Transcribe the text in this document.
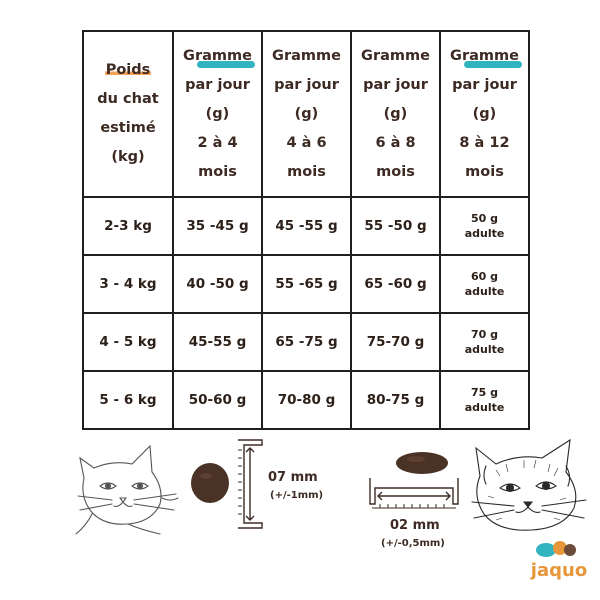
Poids
du chat
estimé
(kg)	Gramme
par jour
(g)
2 à 4
mois	Gramme
par jour
(g)
4 à 6
mois	Gramme
par jour
(g)
6 à 8
mois	Gramme
par jour
(g)
8 à 12
mois

2-3 kg	35 -45 g	45 -55 g	55 -50 g	50 g
adulte

3 - 4 kg	40 -50 g	55 -65 g	65 -60 g	60 g
adulte

4 - 5 kg	45-55 g	65 -75 g	75-70 g	70 g
adulte

5 - 6 kg	50-60 g	70-80 g	80-75 g	75 g
adulte
07 mm
(+/-1mm)
02 mm
(+/-0,5mm)
jaquo
